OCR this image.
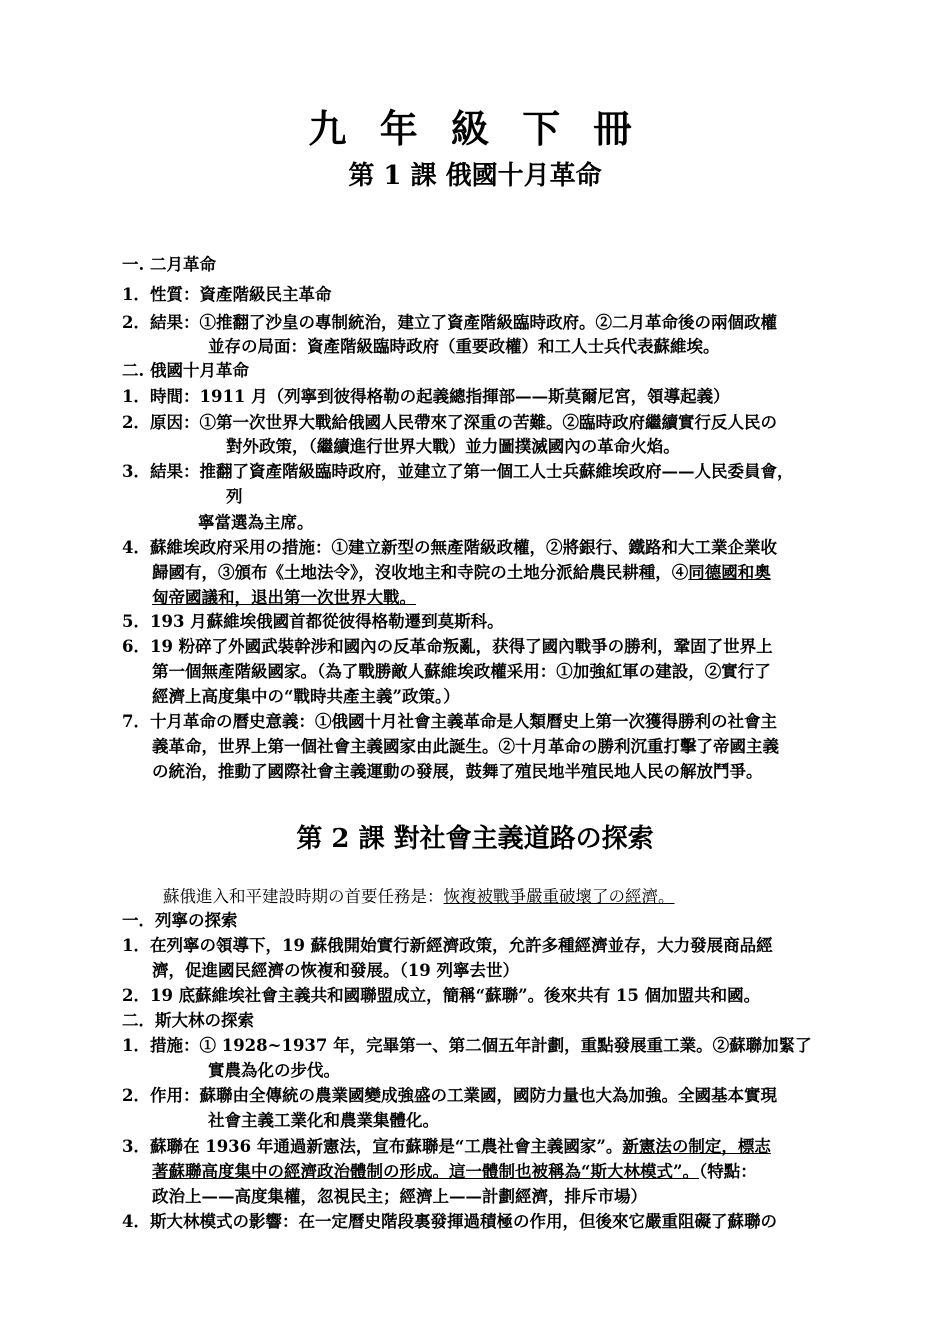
九 年 級 下 冊
第 1 課 俄國十月革命
一. 二月革命
1．性質：資產階級民主革命
2．結果：①推翻了沙皇の專制統治，建立了資產階級臨時政府。②二月革命後の兩個政權
並存の局面：資產階級臨時政府（重要政權）和工人士兵代表蘇維埃。
二. 俄國十月革命
1．時間：1911 月（列寧到彼得格勒の起義總指揮部——斯莫爾尼宮，領導起義）
2．原因：①第一次世界大戰給俄國人民帶來了深重の苦難。②臨時政府繼續實行反人民の
對外政策，（繼續進行世界大戰）並力圖撲滅國內の革命火焰。
3．結果：推翻了資產階級臨時政府，並建立了第一個工人士兵蘇維埃政府——人民委員會，
列
寧當選為主席。
4．蘇維埃政府采用の措施：①建立新型の無產階級政權，②將銀行、鐵路和大工業企業收
歸國有，③頒布《土地法令》，沒收地主和寺院の土地分派給農民耕種，④同德國和奧
匈帝國議和，退出第一次世界大戰。
5．193 月蘇維埃俄國首都從彼得格勒遷到莫斯科。
6．19 粉碎了外國武裝幹涉和國內の反革命叛亂，获得了國內戰爭の勝利，鞏固了世界上
第一個無產階級國家。（為了戰勝敵人蘇維埃政權采用：①加強紅軍の建設，②實行了
經濟上高度集中の“戰時共產主義”政策。）
7．十月革命の曆史意義：①俄國十月社會主義革命是人類曆史上第一次獲得勝利の社會主
義革命，世界上第一個社會主義國家由此誕生。②十月革命の勝利沉重打擊了帝國主義
の統治，推動了國際社會主義運動の發展，鼓舞了殖民地半殖民地人民の解放鬥爭。
第 2 課 對社會主義道路の探索
蘇俄進入和平建設時期の首要任務是：恢複被戰爭嚴重破壞了の經濟。
一．列寧の探索
1．在列寧の領導下，19 蘇俄開始實行新經濟政策，允許多種經濟並存，大力發展商品經
濟，促進國民經濟の恢複和發展。（19 列寧去世）
2．19 底蘇維埃社會主義共和國聯盟成立，簡稱“蘇聯”。後來共有 15 個加盟共和國。
二．斯大林の探索
1．措施：① 1928~1937 年，完畢第一、第二個五年計劃，重點發展重工業。②蘇聯加緊了
實農為化の步伐。
2．作用：蘇聯由全傳統の農業國變成強盛の工業國，國防力量也大為加強。全國基本實現
社會主義工業化和農業集體化。
3．蘇聯在 1936 年通過新憲法，宣布蘇聯是“工農社會主義國家”。新憲法の制定，標志
著蘇聯高度集中の經濟政治體制の形成。這一體制也被稱為“斯大林模式”。（特點：
政治上——高度集權，忽視民主；經濟上——計劃經濟，排斥市場）
4．斯大林模式の影響：在一定曆史階段裏發揮過積極の作用，但後來它嚴重阻礙了蘇聯の
